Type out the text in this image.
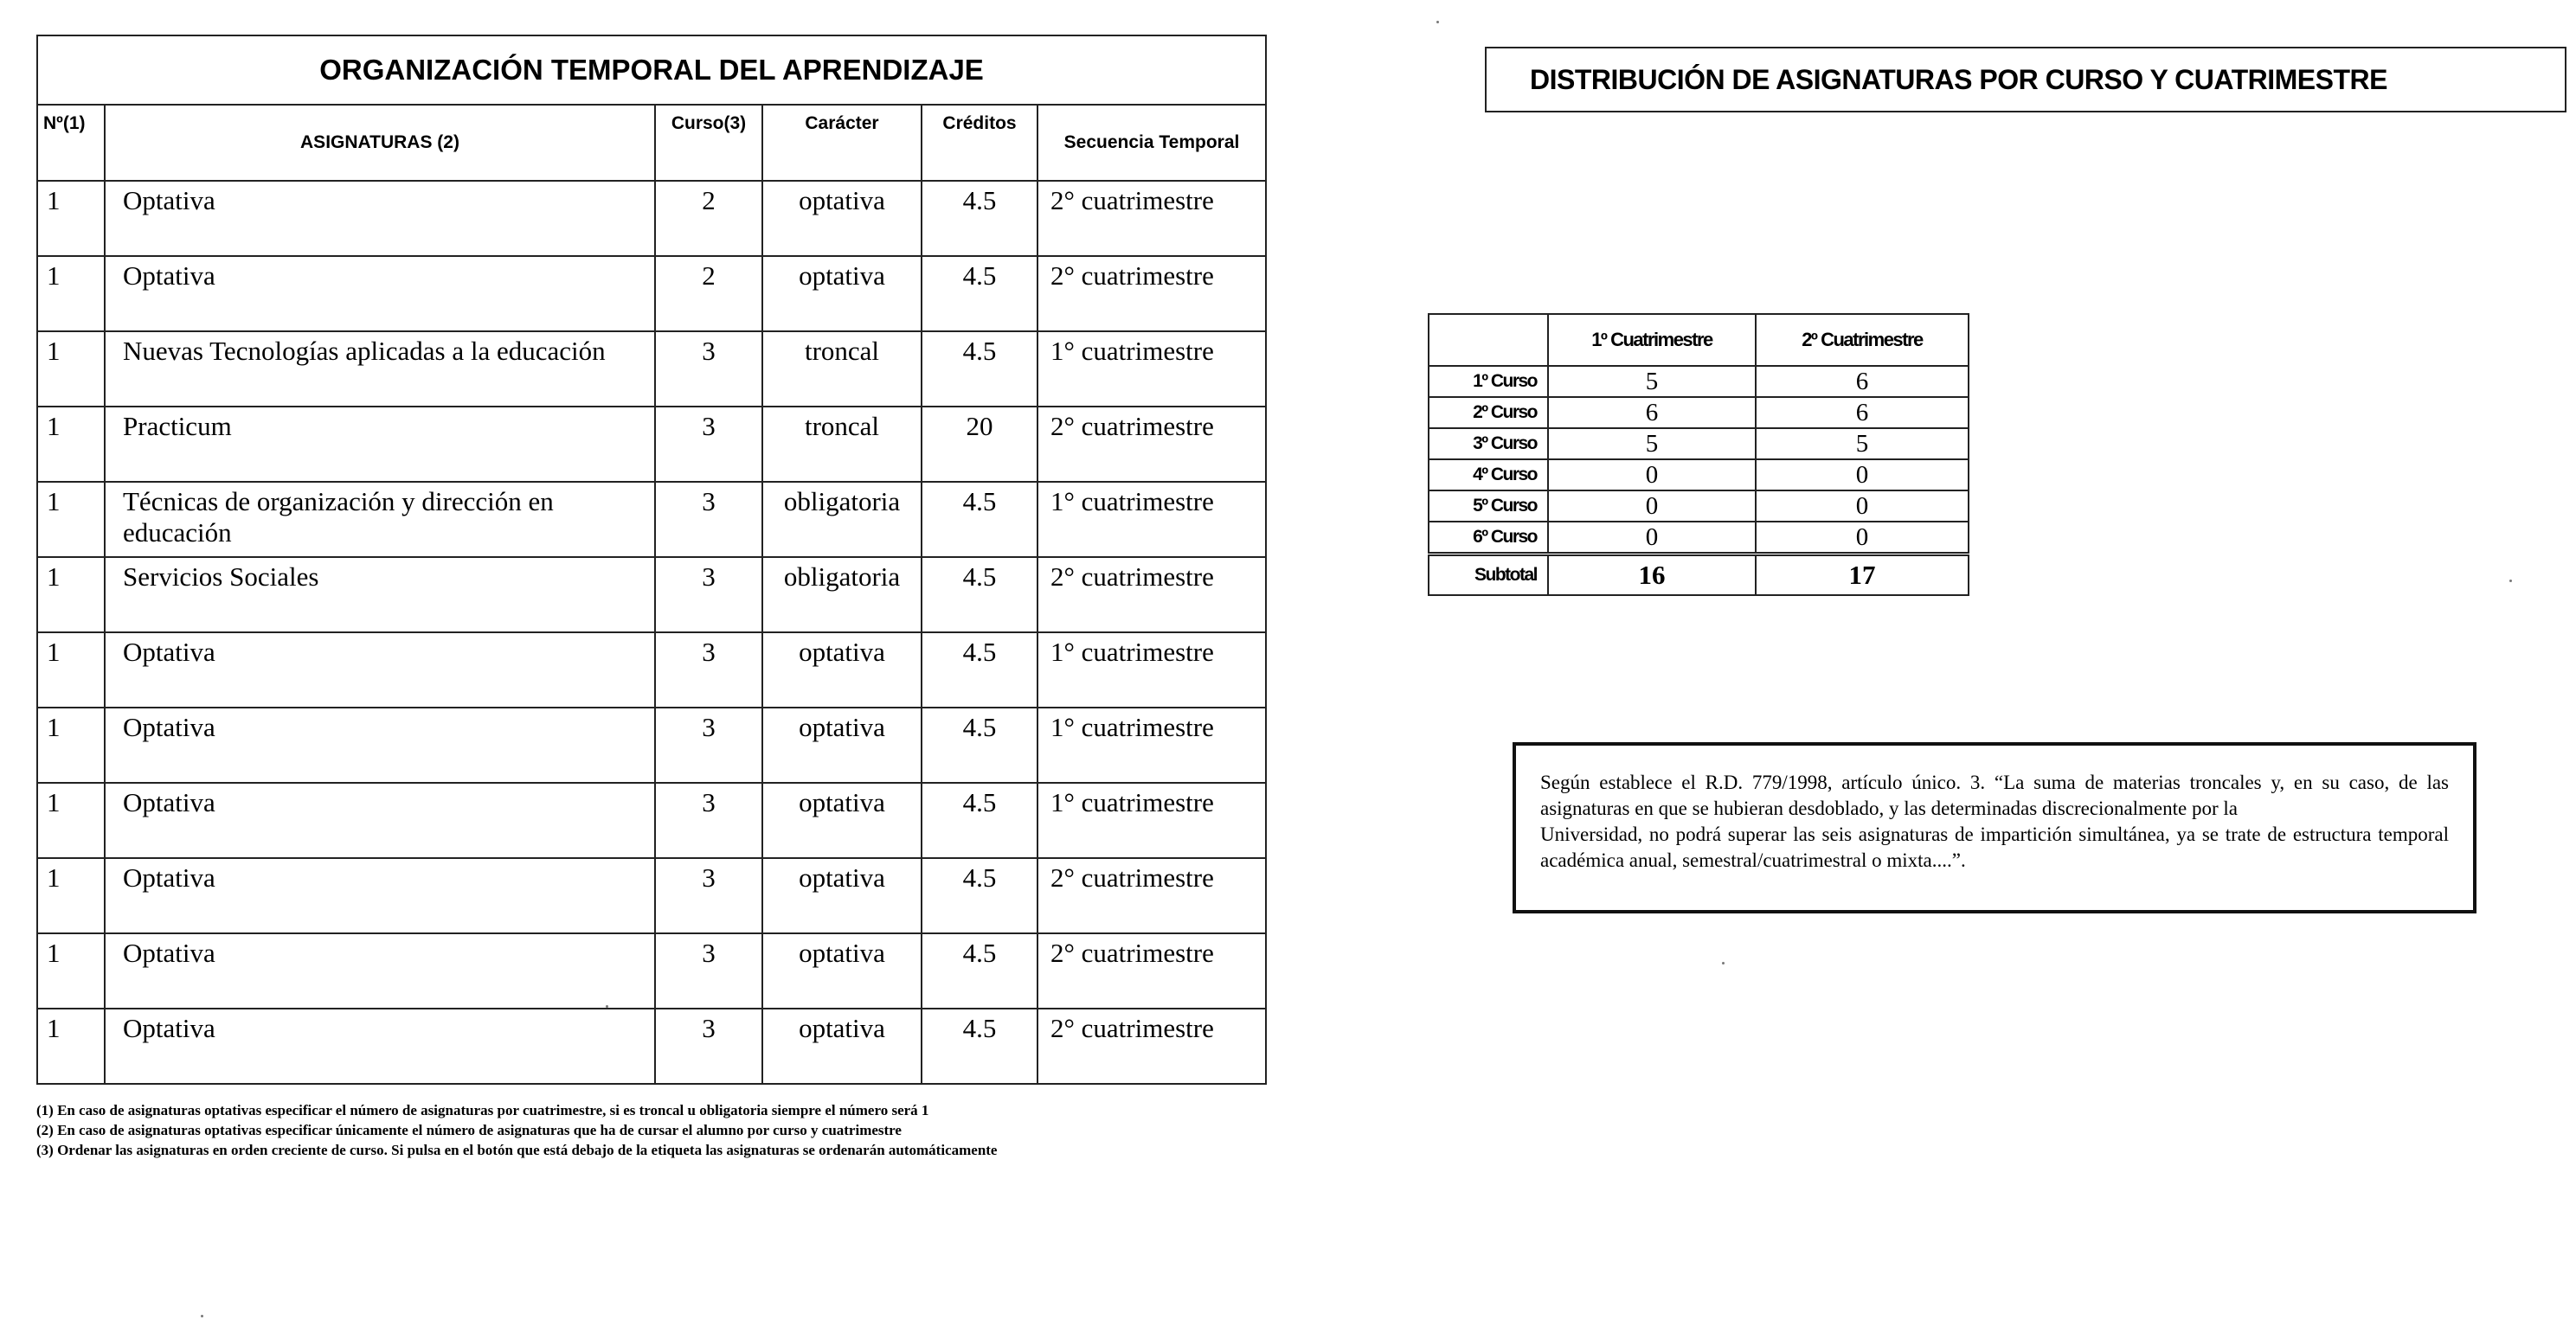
ORGANIZACIÓN TEMPORAL DEL APRENDIZAJE					
Nº(1)	ASIGNATURAS (2)	Curso(3)	Carácter	Créditos	Secuencia Temporal
1	Optativa	2	optativa	4.5	2° cuatrimestre
1	Optativa	2	optativa	4.5	2° cuatrimestre
1	Nuevas Tecnologías aplicadas a la educación	3	troncal	4.5	1° cuatrimestre
1	Practicum	3	troncal	20	2° cuatrimestre
1	Técnicas de organización y dirección en educación	3	obligatoria	4.5	1° cuatrimestre
1	Servicios Sociales	3	obligatoria	4.5	2° cuatrimestre
1	Optativa	3	optativa	4.5	1° cuatrimestre
1	Optativa	3	optativa	4.5	1° cuatrimestre
1	Optativa	3	optativa	4.5	1° cuatrimestre
1	Optativa	3	optativa	4.5	2° cuatrimestre
1	Optativa	3	optativa	4.5	2° cuatrimestre
1	Optativa	3	optativa	4.5	2° cuatrimestre
DISTRIBUCIÓN DE ASIGNATURAS POR CURSO Y CUATRIMESTRE
	1º Cuatrimestre	2º Cuatrimestre
1º Curso	5	6
2º Curso	6	6
3º Curso	5	5
4º Curso	0	0
5º Curso	0	0
6º Curso	0	0
Subtotal	16	17

Según establece el R.D. 779/1998, artículo único. 3. “La suma de materias troncales y, en su caso, de las asignaturas en que se hubieran desdoblado, y las determinadas discrecionalmente por la

Universidad, no podrá superar las seis asignaturas de impartición simultánea, ya se trate de estructura temporal académica anual, semestral/cuatrimestral o mixta....”.

(1) En caso de asignaturas optativas especificar el número de asignaturas por cuatrimestre, si es troncal u obligatoria siempre el número será 1
(2) En caso de asignaturas optativas especificar únicamente el número de asignaturas que ha de cursar el alumno por curso y cuatrimestre
(3) Ordenar las asignaturas en orden creciente de curso. Si pulsa en el botón que está debajo de la etiqueta las asignaturas se ordenarán automáticamente
